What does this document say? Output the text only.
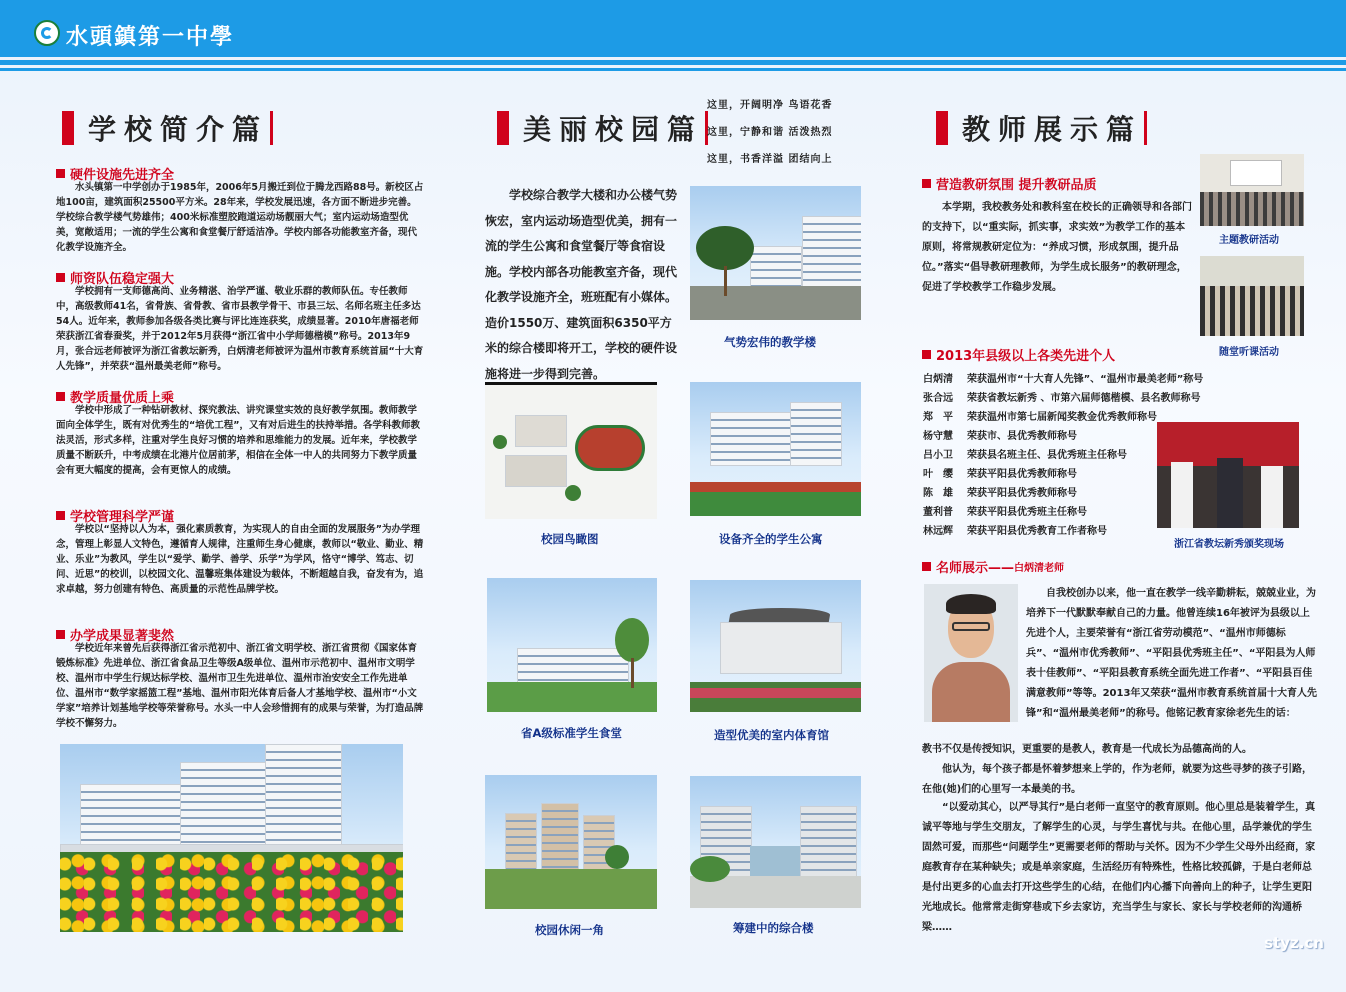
水頭鎮第一中學
学校简介篇
硬件设施先进齐全
水头镇第一中学创办于1985年，2006年5月搬迁到位于腾龙西路88号。新校区占地100亩，建筑面积25500平方米。28年来，学校发展迅速，各方面不断进步完善。学校综合教学楼气势雄伟；400米标准塑胶跑道运动场靓丽大气；室内运动场造型优美，宽敞适用；一流的学生公寓和食堂餐厅舒适洁净。学校内部各功能教室齐备，现代化教学设施齐全。
师资队伍稳定强大
学校拥有一支师德高尚、业务精湛、治学严谨、敬业乐群的教师队伍。专任教师中，高级教师41名，省骨族、省骨教、省市县教学骨干、市县三坛、名师名班主任多达54人。近年来，教师参加各级各类比赛与评比连连获奖，成绩显著。2010年唐福老师荣获浙江省春蚕奖，并于2012年5月获得“浙江省中小学师德楷模”称号。2013年9月，张合远老师被评为浙江省教坛新秀，白炳清老师被评为温州市教育系统首届“十大育人先锋”，并荣获“温州最美老师”称号。
教学质量优质上乘
学校中形成了一种钻研教材、探究教法、讲究课堂实效的良好教学氛围。教师教学面向全体学生，既有对优秀生的“培优工程”，又有对后进生的扶持举措。各学科教师教法灵活，形式多样，注重对学生良好习惯的培养和思维能力的发展。近年来，学校教学质量不断跃升，中考成绩在北港片位居前茅，相信在全体一中人的共同努力下教学质量会有更大幅度的提高，会有更惊人的成绩。
学校管理科学严谨
学校以“坚持以人为本，强化素质教育，为实现人的自由全面的发展服务”为办学理念，管理上彰显人文特色，遵循育人规律，注重师生身心健康，教师以“敬业、勤业、精业、乐业”为教风，学生以“爱学、勤学、善学、乐学”为学风，恪守“博学、笃志、切问、近思”的校训，以校园文化、温馨班集体建设为载体，不断超越自我，奋发有为，追求卓越，努力创建有特色、高质量的示范性品牌学校。
办学成果显著斐然
学校近年来曾先后获得浙江省示范初中、浙江省文明学校、浙江省贯彻《国家体育锻炼标准》先进单位、浙江省食品卫生等级A级单位、温州市示范初中、温州市文明学校、温州市中学生行规达标学校、温州市卫生先进单位、温州市治安安全工作先进单位、温州市“数学家摇篮工程”基地、温州市阳光体育后备人才基地学校、温州市“小文学家”培养计划基地学校等荣誉称号。水头一中人会珍惜拥有的成果与荣誉，为打造品牌学校不懈努力。
美丽校园篇
这里，开阔明净 鸟语花香
这里，宁静和谐 活泼热烈
这里，书香洋溢 团结向上
学校综合教学大楼和办公楼气势恢宏，室内运动场造型优美，拥有一流的学生公寓和食堂餐厅等食宿设施。学校内部各功能教室齐备，现代化教学设施齐全，班班配有小媒体。造价1550万、建筑面积6350平方米的综合楼即将开工，学校的硬件设施将进一步得到完善。
气势宏伟的教学楼
校园鸟瞰图	设备齐全的学生公寓
省A级标准学生食堂	造型优美的室内体育馆
校园休闲一角	筹建中的综合楼
教师展示篇
营造教研氛围 提升教研品质
本学期，我校教务处和教科室在校长的正确领导和各部门的支持下，以“重实际，抓实事，求实效”为教学工作的基本原则，将常规教研定位为：“养成习惯，形成氛围，提升品位。”落实“倡导教研理教师，为学生成长服务”的教研理念，促进了学校教学工作稳步发展。
主题教研活动
随堂听课活动
2013年县级以上各类先进个人
白炳清 荣获温州市“十大育人先锋”、“温州市最美老师”称号
张合远 荣获省教坛新秀 、市第六届师德楷模、县名教师称号
郑　平 荣获温州市第七届新闻奖教金优秀教师称号
杨守慧 荣获市、县优秀教师称号
吕小卫 荣获县名班主任、县优秀班主任称号
叶　缨 荣获平阳县优秀教师称号
陈　雄 荣获平阳县优秀教师称号
董利普 荣获平阳县优秀班主任称号
林远辉 荣获平阳县优秀教育工作者称号
浙江省教坛新秀颁奖现场
名师展示—— 白炳清老师
自我校创办以来，他一直在教学一线辛勤耕耘，兢兢业业，为培养下一代默默奉献自己的力量。他曾连续16年被评为县级以上先进个人，主要荣誉有“浙江省劳动模范”、“温州市师德标兵”、“温州市优秀教师”、“平阳县优秀班主任”、“平阳县为人师表十佳教师”、“平阳县教育系统全面先进工作者”、“平阳县百佳满意教师”等等。2013年又荣获“温州市教育系统首届十大育人先锋”和“温州最美老师”的称号。他铭记教育家徐老先生的话：
教书不仅是传授知识，更重要的是教人，教育是一代成长为品德高尚的人。
他认为，每个孩子都是怀着梦想来上学的，作为老师，就要为这些寻梦的孩子引路，在他(她)们的心里写一本最美的书。
“以爱动其心，以严导其行”是白老师一直坚守的教育原则。他心里总是装着学生，真诚平等地与学生交朋友，了解学生的心灵，与学生喜忧与共。在他心里，品学兼优的学生固然可爱，而那些“问题学生”更需要老师的帮助与关怀。因为不少学生父母外出经商，家庭教育存在某种缺失；或是单亲家庭，生活经历有特殊性，性格比较孤僻，于是白老师总是付出更多的心血去打开这些学生的心结，在他们内心播下向善向上的种子，让学生更阳光地成长。他常常走街穿巷或下乡去家访，充当学生与家长、家长与学校老师的沟通桥梁……
styz.cn
